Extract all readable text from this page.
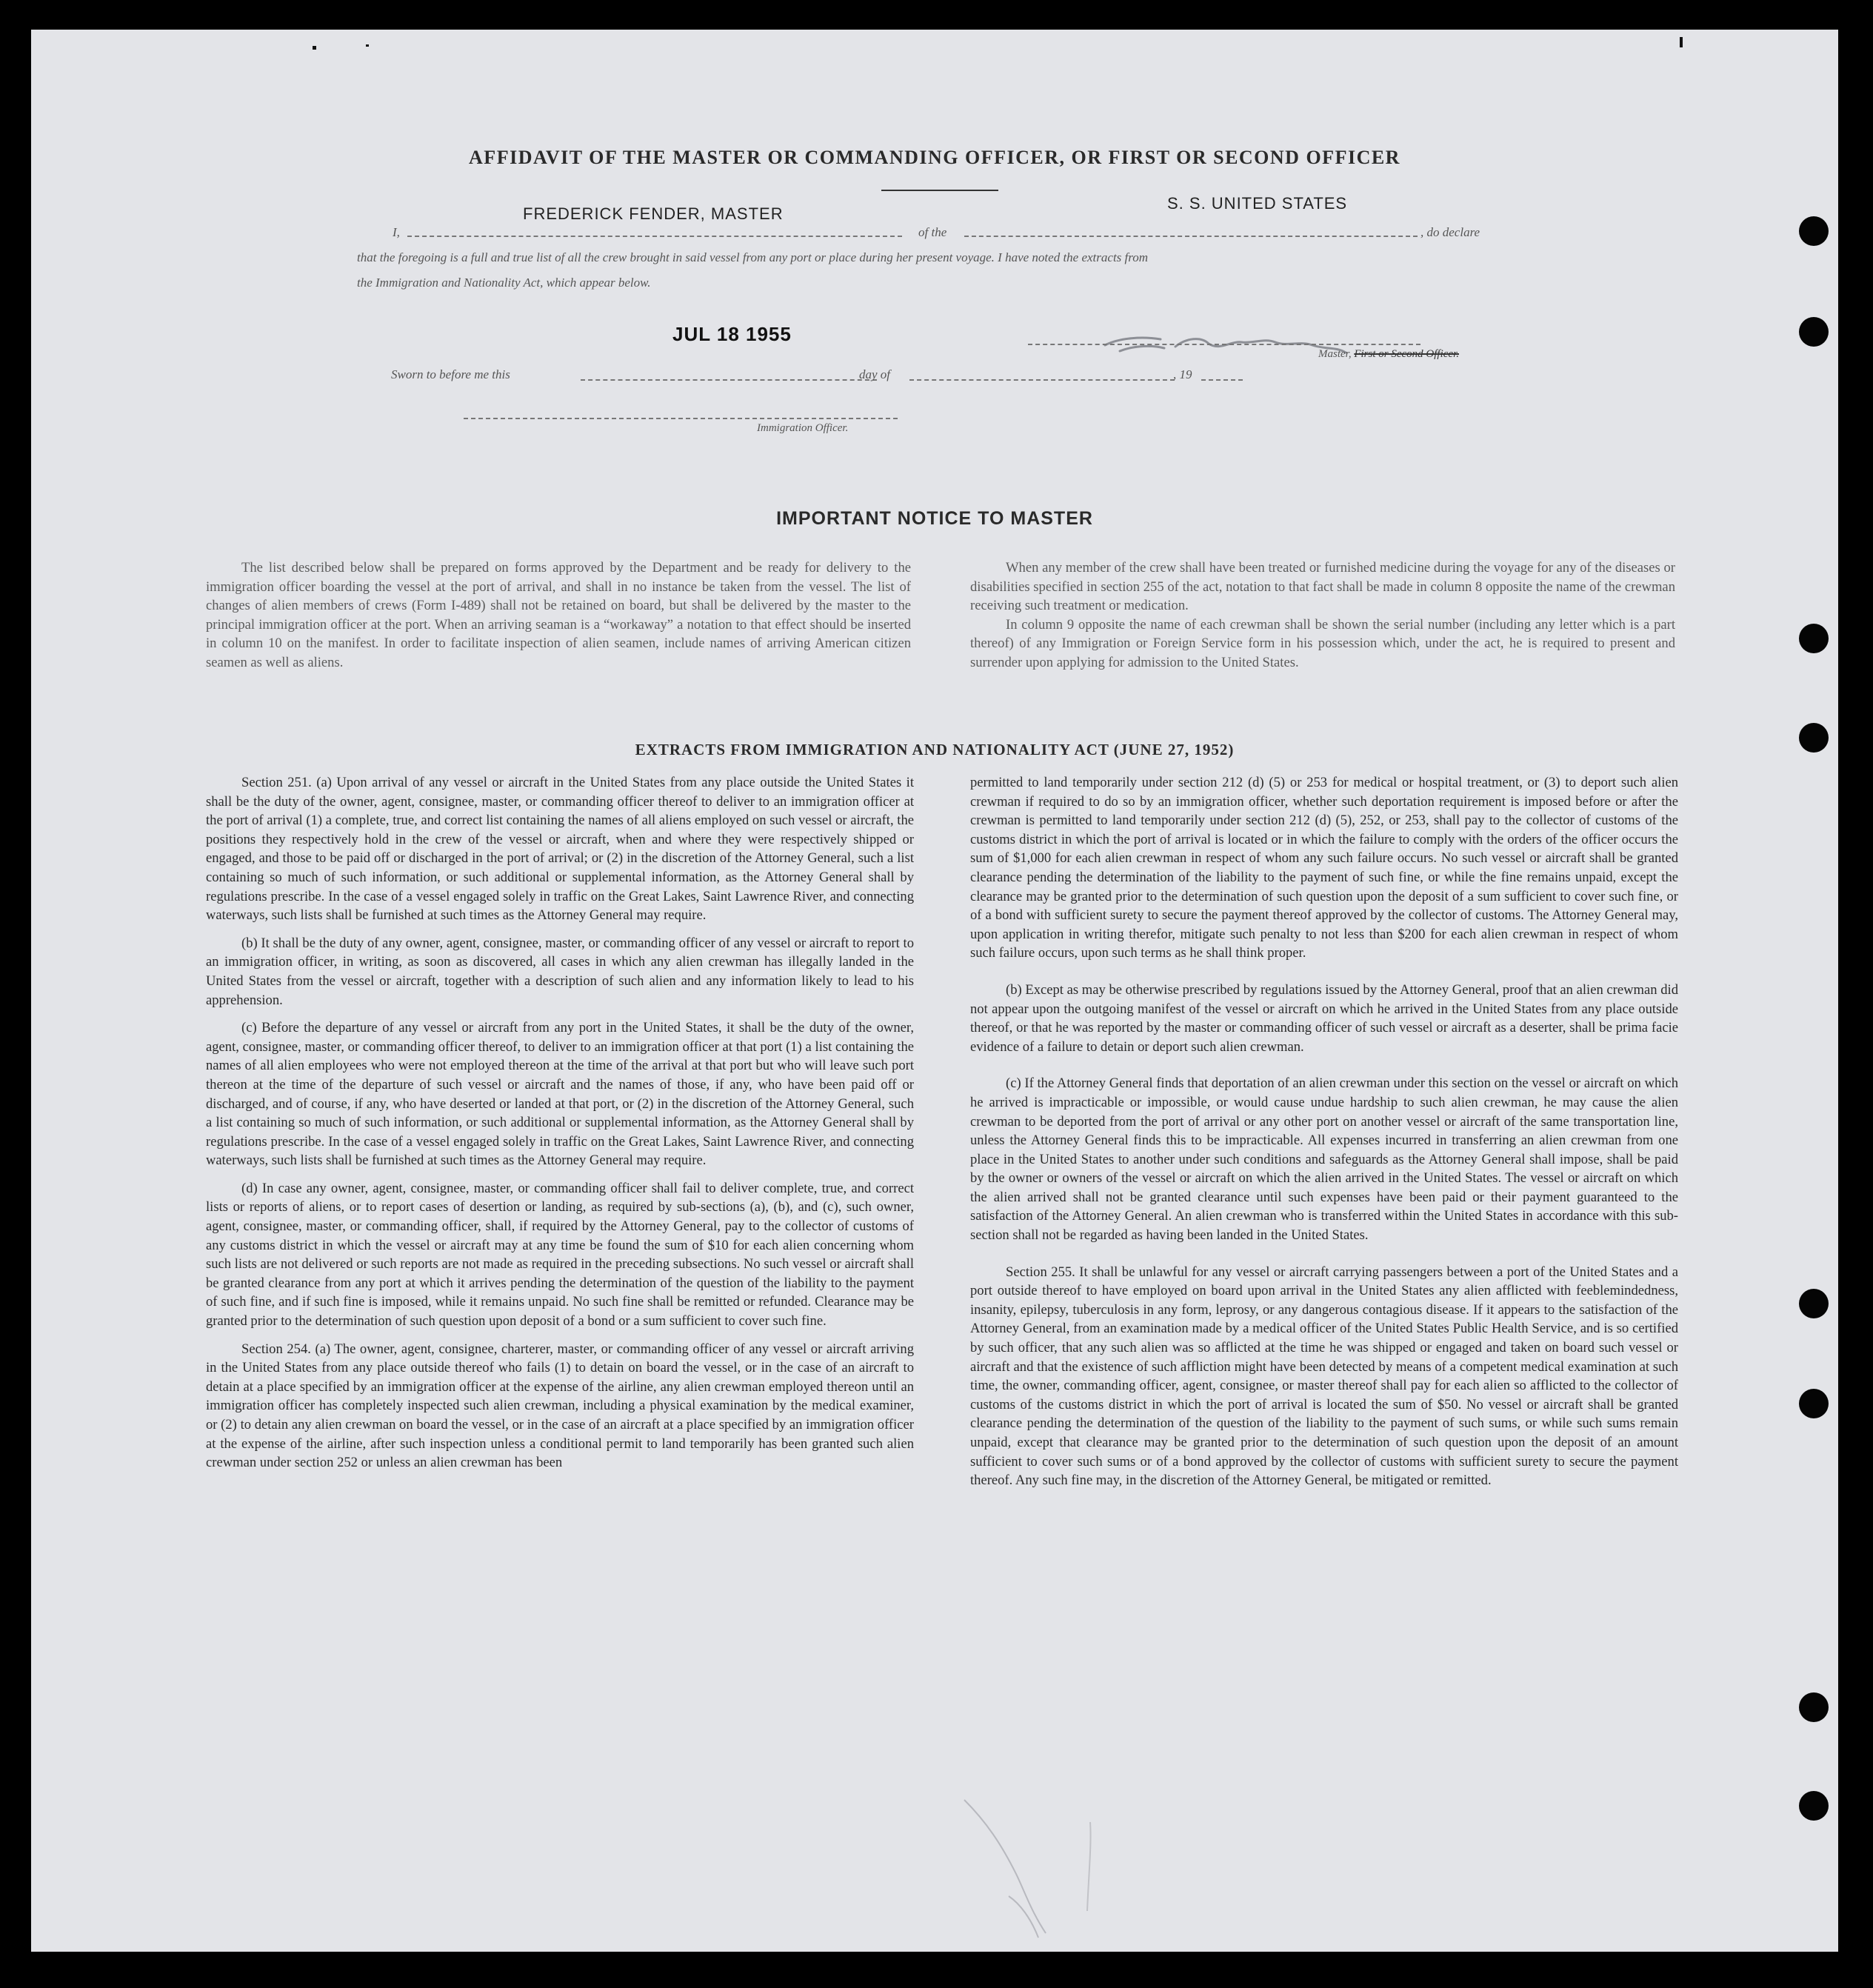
AFFIDAVIT OF THE MASTER OR COMMANDING OFFICER, OR FIRST OR SECOND OFFICER
FREDERICK FENDER, MASTER
S. S. UNITED STATES
I,	of the	, do declare
that the foregoing is a full and true list of all the crew brought in said vessel from any port or place during her present voyage. I have noted the extracts from
the Immigration and Nationality Act, which appear below.
JUL 18 1955
Master, First or Second Officer.
Sworn to before me this	day of	, 19
Immigration Officer.
IMPORTANT NOTICE TO MASTER

The list described below shall be prepared on forms approved by the Department and be ready for delivery to the immigration officer boarding the vessel at the port of arrival, and shall in no instance be taken from the vessel. The list of changes of alien members of crews (Form I-489) shall not be retained on board, but shall be delivered by the master to the principal immigration officer at the port. When an arriving seaman is a “workaway” a notation to that effect should be inserted in column 10 on the manifest. In order to facilitate inspection of alien seamen, include names of arriving American citizen seamen as well as aliens.

When any member of the crew shall have been treated or furnished medicine during the voyage for any of the diseases or disabilities specified in section 255 of the act, notation to that fact shall be made in column 8 opposite the name of the crewman receiving such treatment or medication.

In column 9 opposite the name of each crewman shall be shown the serial number (including any letter which is a part thereof) of any Immigration or Foreign Service form in his possession which, under the act, he is required to present and surrender upon applying for admission to the United States.

EXTRACTS FROM IMMIGRATION AND NATIONALITY ACT (JUNE 27, 1952)

Section 251. (a) Upon arrival of any vessel or aircraft in the United States from any place outside the United States it shall be the duty of the owner, agent, consignee, master, or commanding officer thereof to deliver to an immigration officer at the port of arrival (1) a complete, true, and correct list containing the names of all aliens employed on such vessel or aircraft, the positions they respectively hold in the crew of the vessel or aircraft, when and where they were respectively shipped or engaged, and those to be paid off or discharged in the port of arrival; or (2) in the discretion of the Attorney General, such a list containing so much of such information, or such additional or supplemental information, as the Attorney General shall by regulations prescribe. In the case of a vessel engaged solely in traffic on the Great Lakes, Saint Lawrence River, and connecting waterways, such lists shall be furnished at such times as the Attorney General may require.

(b) It shall be the duty of any owner, agent, consignee, master, or commanding officer of any vessel or aircraft to report to an immigration officer, in writing, as soon as discovered, all cases in which any alien crewman has illegally landed in the United States from the vessel or aircraft, together with a description of such alien and any information likely to lead to his apprehension.

(c) Before the departure of any vessel or aircraft from any port in the United States, it shall be the duty of the owner, agent, consignee, master, or commanding officer thereof, to deliver to an immigration officer at that port (1) a list containing the names of all alien employees who were not employed thereon at the time of the arrival at that port but who will leave such port thereon at the time of the departure of such vessel or aircraft and the names of those, if any, who have been paid off or discharged, and of course, if any, who have deserted or landed at that port, or (2) in the discretion of the Attorney General, such a list containing so much of such information, or such additional or supplemental information, as the Attorney General shall by regulations prescribe. In the case of a vessel engaged solely in traffic on the Great Lakes, Saint Lawrence River, and connecting waterways, such lists shall be furnished at such times as the Attorney General may require.

(d) In case any owner, agent, consignee, master, or commanding officer shall fail to deliver complete, true, and correct lists or reports of aliens, or to report cases of desertion or landing, as required by sub-sections (a), (b), and (c), such owner, agent, consignee, master, or commanding officer, shall, if required by the Attorney General, pay to the collector of customs of any customs district in which the vessel or aircraft may at any time be found the sum of $10 for each alien concerning whom such lists are not delivered or such reports are not made as required in the preceding subsections. No such vessel or aircraft shall be granted clearance from any port at which it arrives pending the determination of the question of the liability to the payment of such fine, and if such fine is imposed, while it remains unpaid. No such fine shall be remitted or refunded. Clearance may be granted prior to the determination of such question upon deposit of a bond or a sum sufficient to cover such fine.

Section 254. (a) The owner, agent, consignee, charterer, master, or commanding officer of any vessel or aircraft arriving in the United States from any place outside thereof who fails (1) to detain on board the vessel, or in the case of an aircraft to detain at a place specified by an immigration officer at the expense of the airline, any alien crewman employed thereon until an immigration officer has completely inspected such alien crewman, including a physical examination by the medical examiner, or (2) to detain any alien crewman on board the vessel, or in the case of an aircraft at a place specified by an immigration officer at the expense of the airline, after such inspection unless a conditional permit to land temporarily has been granted such alien crewman under section 252 or unless an alien crewman has been

permitted to land temporarily under section 212 (d) (5) or 253 for medical or hospital treatment, or (3) to deport such alien crewman if required to do so by an immigration officer, whether such deportation requirement is imposed before or after the crewman is permitted to land temporarily under section 212 (d) (5), 252, or 253, shall pay to the collector of customs of the customs district in which the port of arrival is located or in which the failure to comply with the orders of the officer occurs the sum of $1,000 for each alien crewman in respect of whom any such failure occurs. No such vessel or aircraft shall be granted clearance pending the determination of the liability to the payment of such fine, or while the fine remains unpaid, except the clearance may be granted prior to the determination of such question upon the deposit of a sum sufficient to cover such fine, or of a bond with sufficient surety to secure the payment thereof approved by the collector of customs. The Attorney General may, upon application in writing therefor, mitigate such penalty to not less than $200 for each alien crewman in respect of whom such failure occurs, upon such terms as he shall think proper.

(b) Except as may be otherwise prescribed by regulations issued by the Attorney General, proof that an alien crewman did not appear upon the outgoing manifest of the vessel or aircraft on which he arrived in the United States from any place outside thereof, or that he was reported by the master or commanding officer of such vessel or aircraft as a deserter, shall be prima facie evidence of a failure to detain or deport such alien crewman.

(c) If the Attorney General finds that deportation of an alien crewman under this section on the vessel or aircraft on which he arrived is impracticable or impossible, or would cause undue hardship to such alien crewman, he may cause the alien crewman to be deported from the port of arrival or any other port on another vessel or aircraft of the same transportation line, unless the Attorney General finds this to be impracticable. All expenses incurred in transferring an alien crewman from one place in the United States to another under such conditions and safeguards as the Attorney General shall impose, shall be paid by the owner or owners of the vessel or aircraft on which the alien arrived in the United States. The vessel or aircraft on which the alien arrived shall not be granted clearance until such expenses have been paid or their payment guaranteed to the satisfaction of the Attorney General. An alien crewman who is transferred within the United States in accordance with this sub-section shall not be regarded as having been landed in the United States.

Section 255. It shall be unlawful for any vessel or aircraft carrying passengers between a port of the United States and a port outside thereof to have employed on board upon arrival in the United States any alien afflicted with feeblemindedness, insanity, epilepsy, tuberculosis in any form, leprosy, or any dangerous contagious disease. If it appears to the satisfaction of the Attorney General, from an examination made by a medical officer of the United States Public Health Service, and is so certified by such officer, that any such alien was so afflicted at the time he was shipped or engaged and taken on board such vessel or aircraft and that the existence of such affliction might have been detected by means of a competent medical examination at such time, the owner, commanding officer, agent, consignee, or master thereof shall pay for each alien so afflicted to the collector of customs of the customs district in which the port of arrival is located the sum of $50. No vessel or aircraft shall be granted clearance pending the determination of the question of the liability to the payment of such sums, or while such sums remain unpaid, except that clearance may be granted prior to the determination of such question upon the deposit of an amount sufficient to cover such sums or of a bond approved by the collector of customs with sufficient surety to secure the payment thereof. Any such fine may, in the discretion of the Attorney General, be mitigated or remitted.
